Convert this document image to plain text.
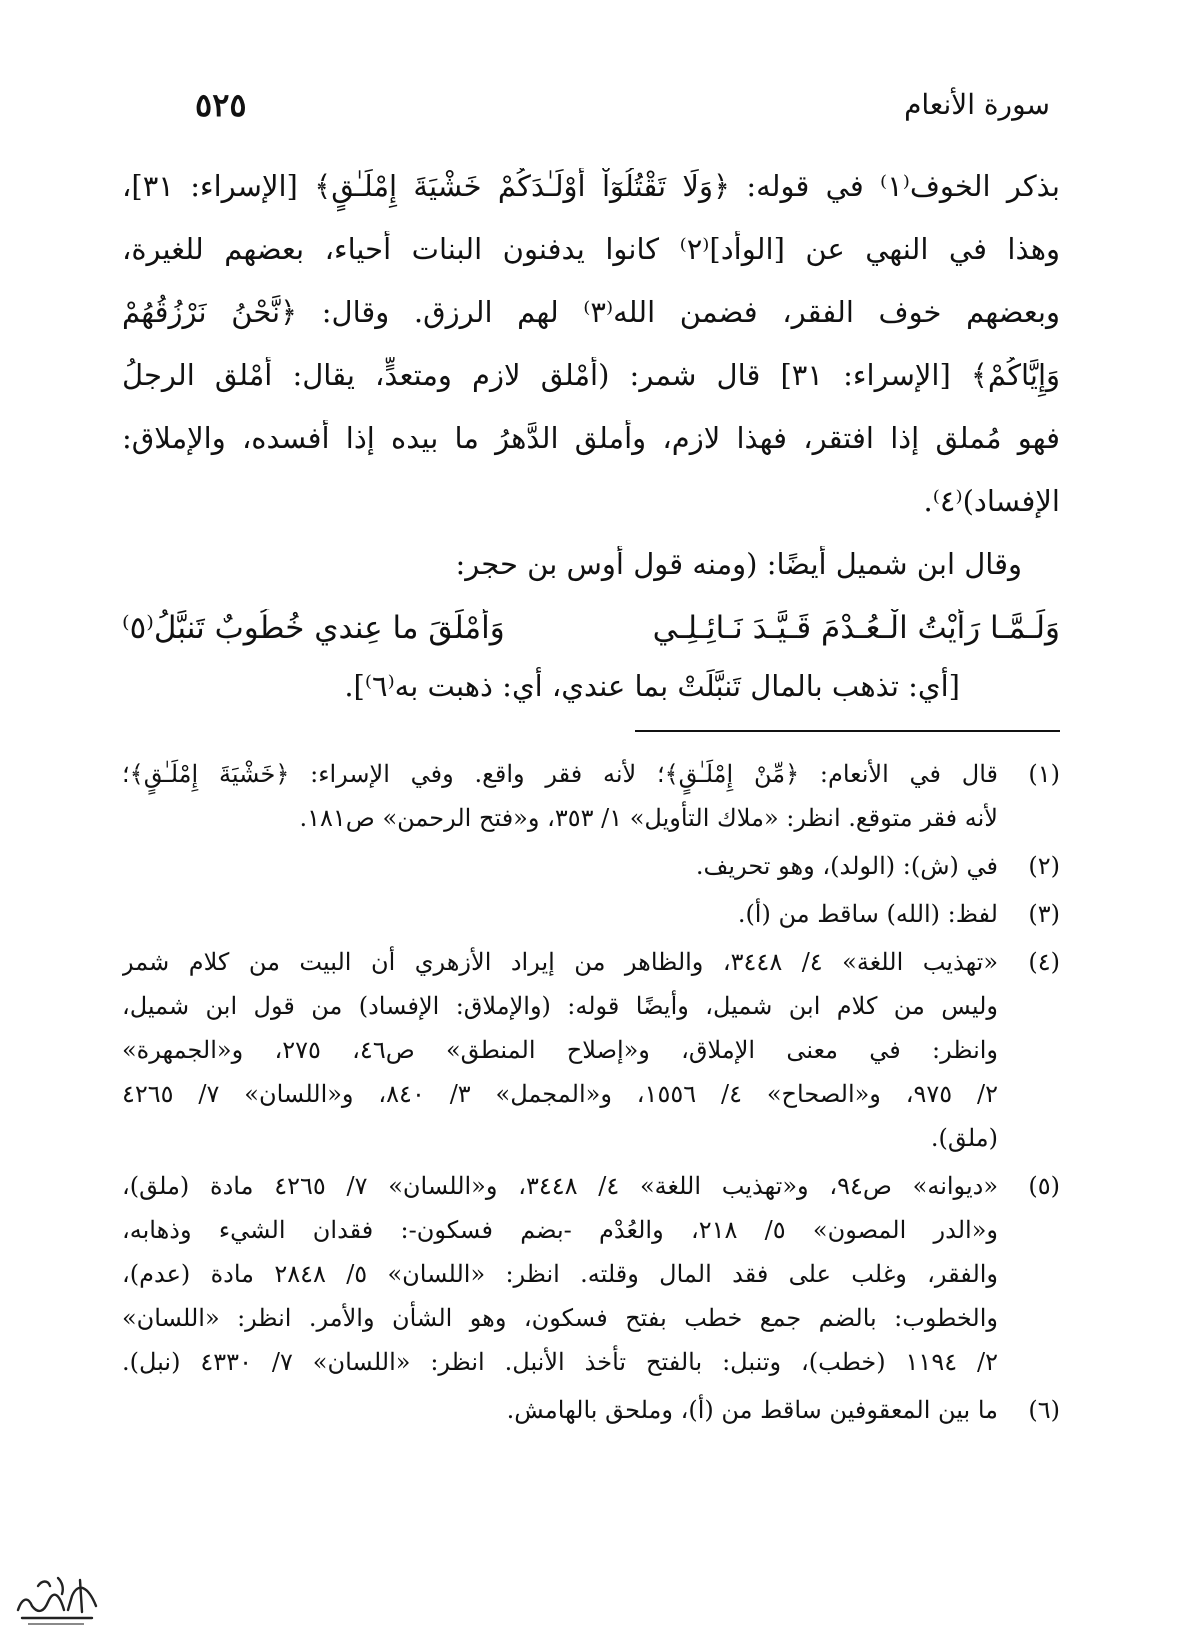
سورة الأنعام
٥٢٥
بذكر الخوف⁽١⁾ في قوله: ﴿وَلَا تَقْتُلُوٓاْ أَوْلَـٰدَكُمْ خَشْيَةَ إِمْلَـٰقٍ﴾ [الإسراء: ٣١]،
وهذا في النهي عن [الوأد]⁽٢⁾ كانوا يدفنون البنات أحياء، بعضهم للغيرة،
وبعضهم خوف الفقر، فضمن الله⁽٣⁾ لهم الرزق. وقال: ﴿نَّحْنُ نَرْزُقُهُمْ
وَإِيَّاكُمْ﴾ [الإسراء: ٣١] قال شمر: (أَمْلق لازم ومتعدٍّ، يقال: أَمْلق الرجلُ
فهو مُملق إذا افتقر، فهذا لازم، وأملق الدَّهرُ ما بيده إذا أفسده، والإملاق:
الإفساد)⁽٤⁾.
وقال ابن شميل أيضًا: (ومنه قول أوس بن حجر:
وَلَـمَّـا رَأَيْتُ الْـعُـدْمَ قَـيَّـدَ نَـائِـلِـي
وَأَمْلَقَ ما عِندي خُطُوبٌ تَنبَّلُ⁽٥⁾
[أي: تذهب بالمال تَنبَّلَتْ بما عندي، أي: ذهبت به⁽٦⁾].
(١)
قال في الأنعام: ﴿مِّنْ إِمْلَـٰقٍ﴾؛ لأنه فقر واقع. وفي الإسراء: ﴿خَشْيَةَ إِمْلَـٰقٍ﴾؛
لأنه فقر متوقع. انظر: «ملاك التأويل» ١/ ٣٥٣، و«فتح الرحمن» ص١٨١.
(٢)
في (ش): (الولد)، وهو تحريف.
(٣)
لفظ: (الله) ساقط من (أ).
(٤)
«تهذيب اللغة» ٤/ ٣٤٤٨، والظاهر من إيراد الأزهري أن البيت من كلام شمر
وليس من كلام ابن شميل، وأيضًا قوله: (والإملاق: الإفساد) من قول ابن شميل،
وانظر: في معنى الإملاق، و«إصلاح المنطق» ص٤٦، ٢٧٥، و«الجمهرة»
٢/ ٩٧٥، و«الصحاح» ٤/ ١٥٥٦، و«المجمل» ٣/ ٨٤٠، و«اللسان» ٧/ ٤٢٦٥
(ملق).
(٥)
«ديوانه» ص٩٤، و«تهذيب اللغة» ٤/ ٣٤٤٨، و«اللسان» ٧/ ٤٢٦٥ مادة (ملق)،
و«الدر المصون» ٥/ ٢١٨، والعُدْم -بضم فسكون-: فقدان الشيء وذهابه،
والفقر، وغلب على فقد المال وقلته. انظر: «اللسان» ٥/ ٢٨٤٨ مادة (عدم)،
والخطوب: بالضم جمع خطب بفتح فسكون، وهو الشأن والأمر. انظر: «اللسان»
٢/ ١١٩٤ (خطب)، وتنبل: بالفتح تأخذ الأنبل. انظر: «اللسان» ٧/ ٤٣٣٠ (نبل).
(٦)
ما بين المعقوفين ساقط من (أ)، وملحق بالهامش.
